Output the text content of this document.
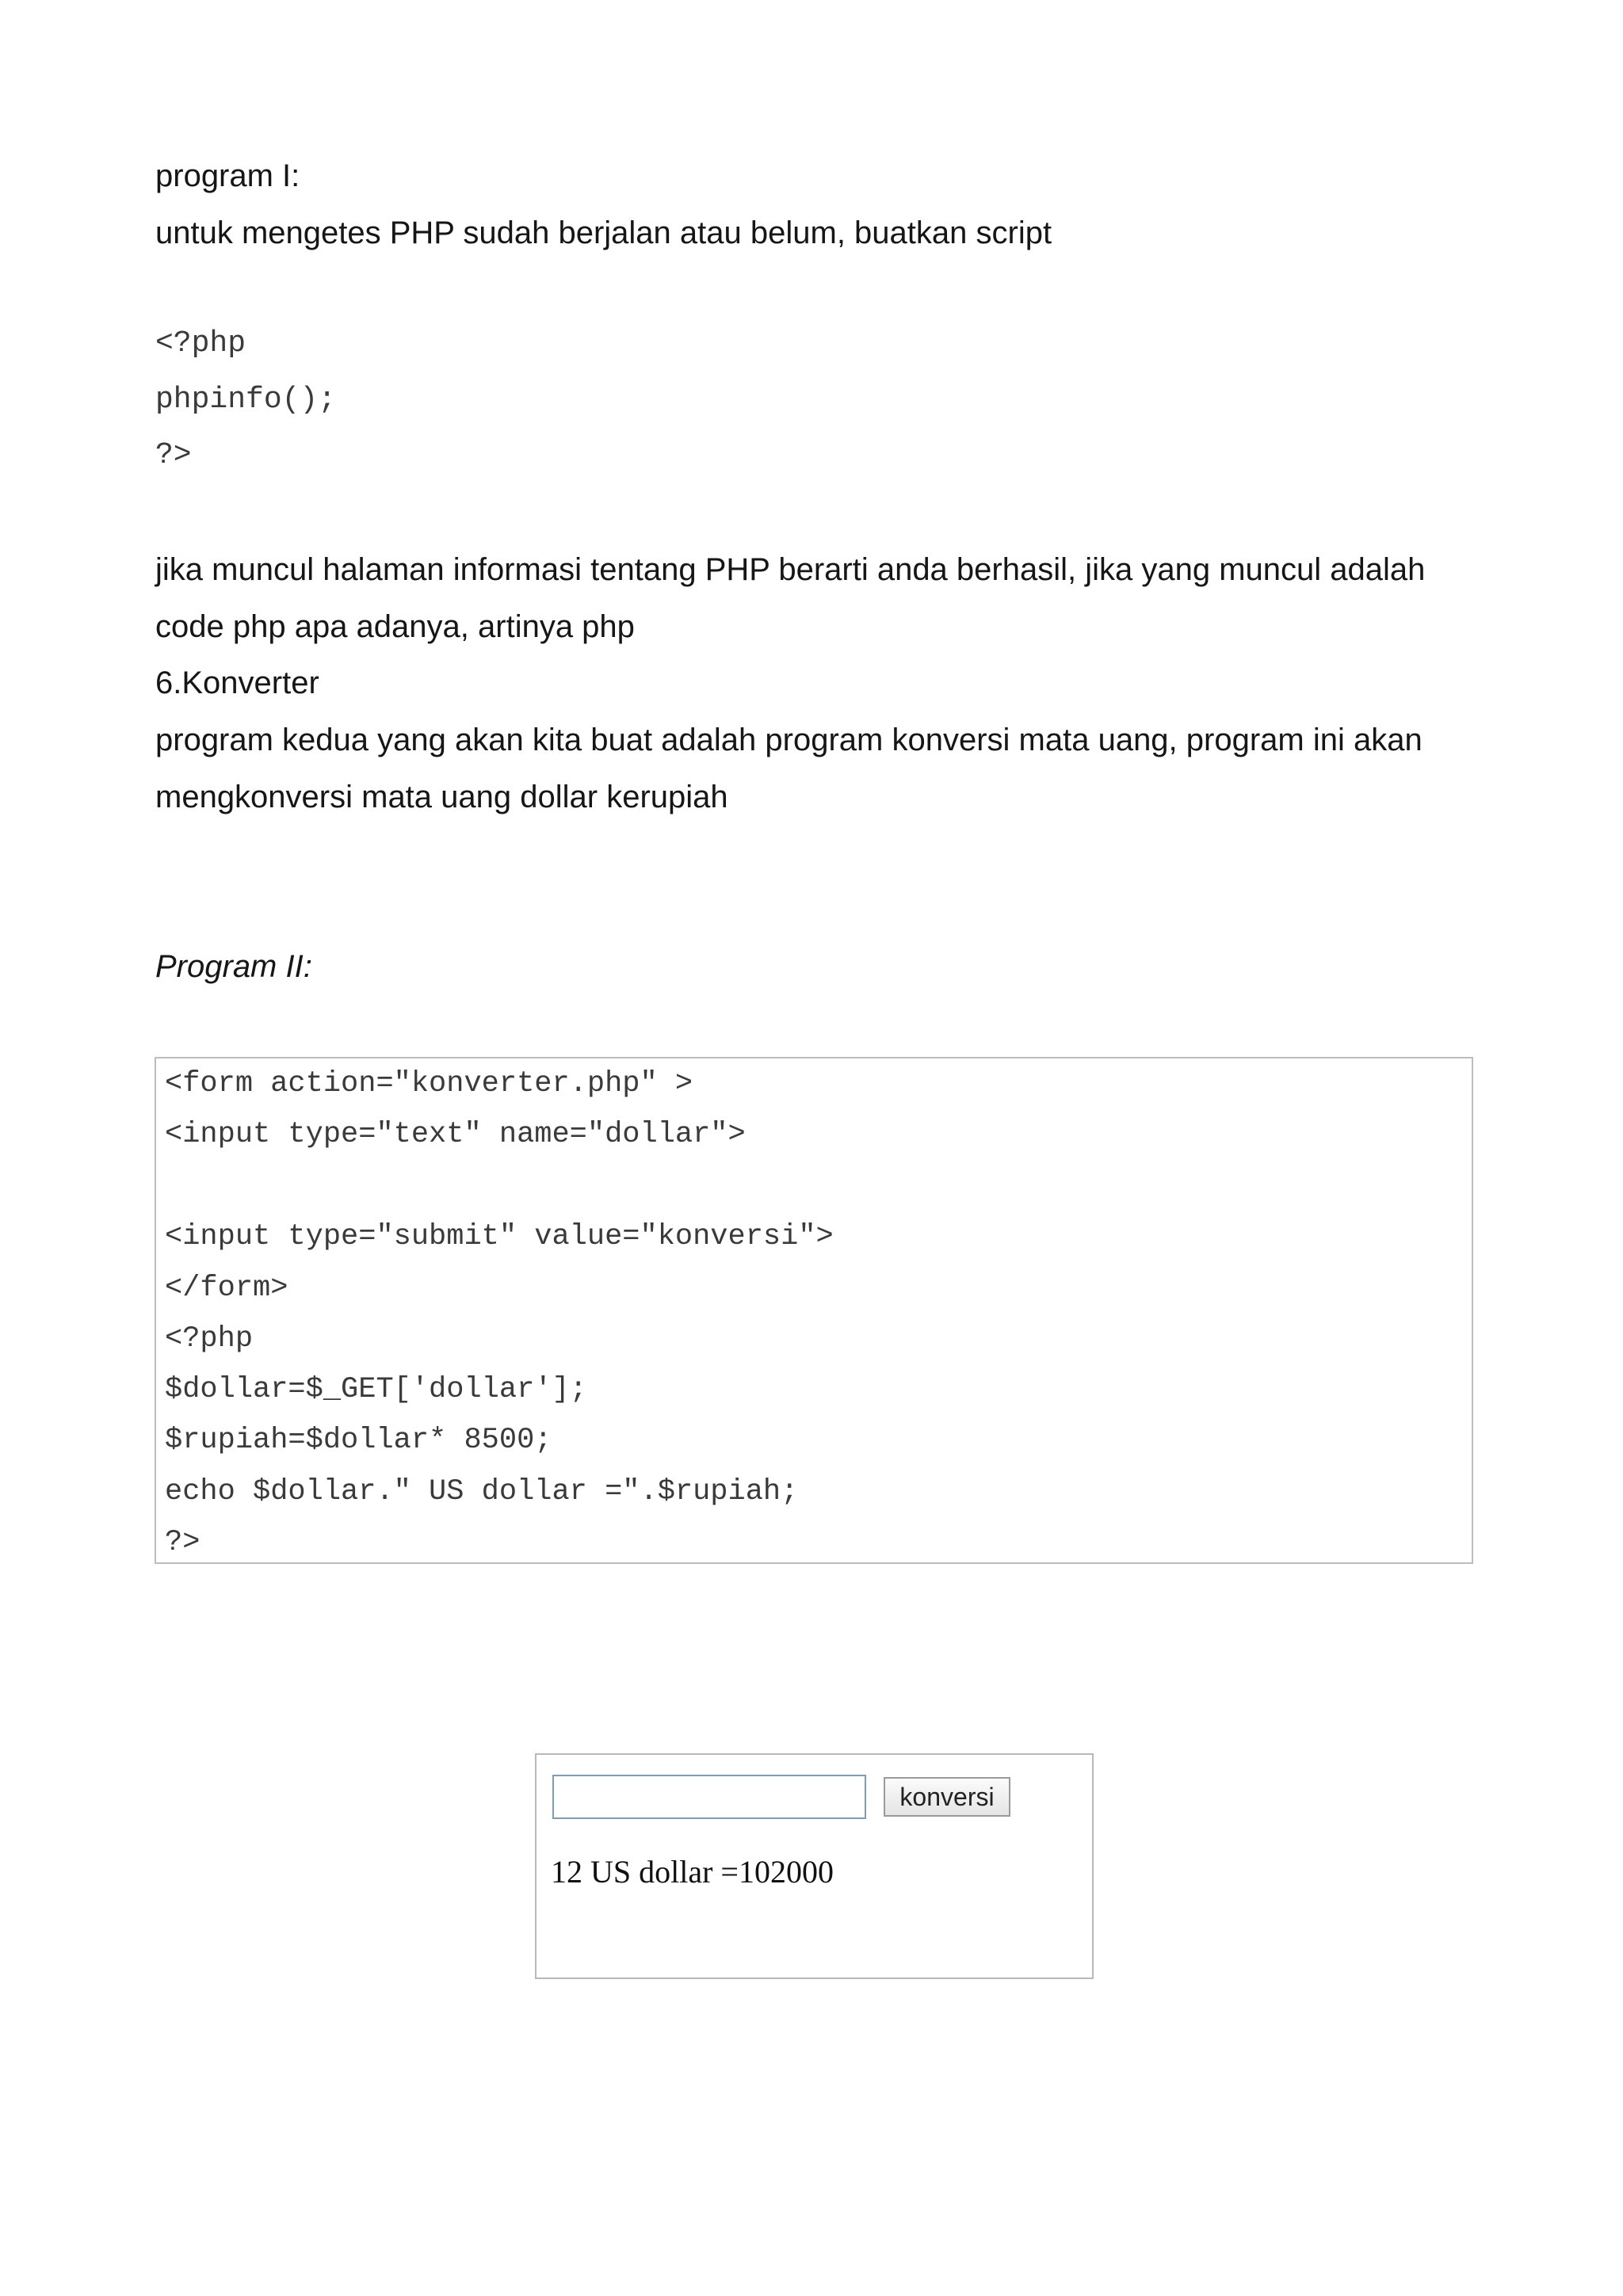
program I:

untuk mengetes PHP sudah berjalan atau belum, buatkan script

<?php

phpinfo();

?>

jika muncul halaman informasi tentang PHP berarti anda berhasil, jika yang muncul adalah

code php apa adanya, artinya php

6.Konverter

program kedua yang akan kita buat adalah program konversi mata uang, program ini akan

mengkonversi mata uang dollar kerupiah

Program II:

<form action="konverter.php" >
<input type="text" name="dollar">
<input type="submit" value="konversi">
</form>
<?php
$dollar=$_GET['dollar'];
$rupiah=$dollar* 8500;
echo $dollar." US dollar =".$rupiah;
?>
konversi
12 US dollar =102000
